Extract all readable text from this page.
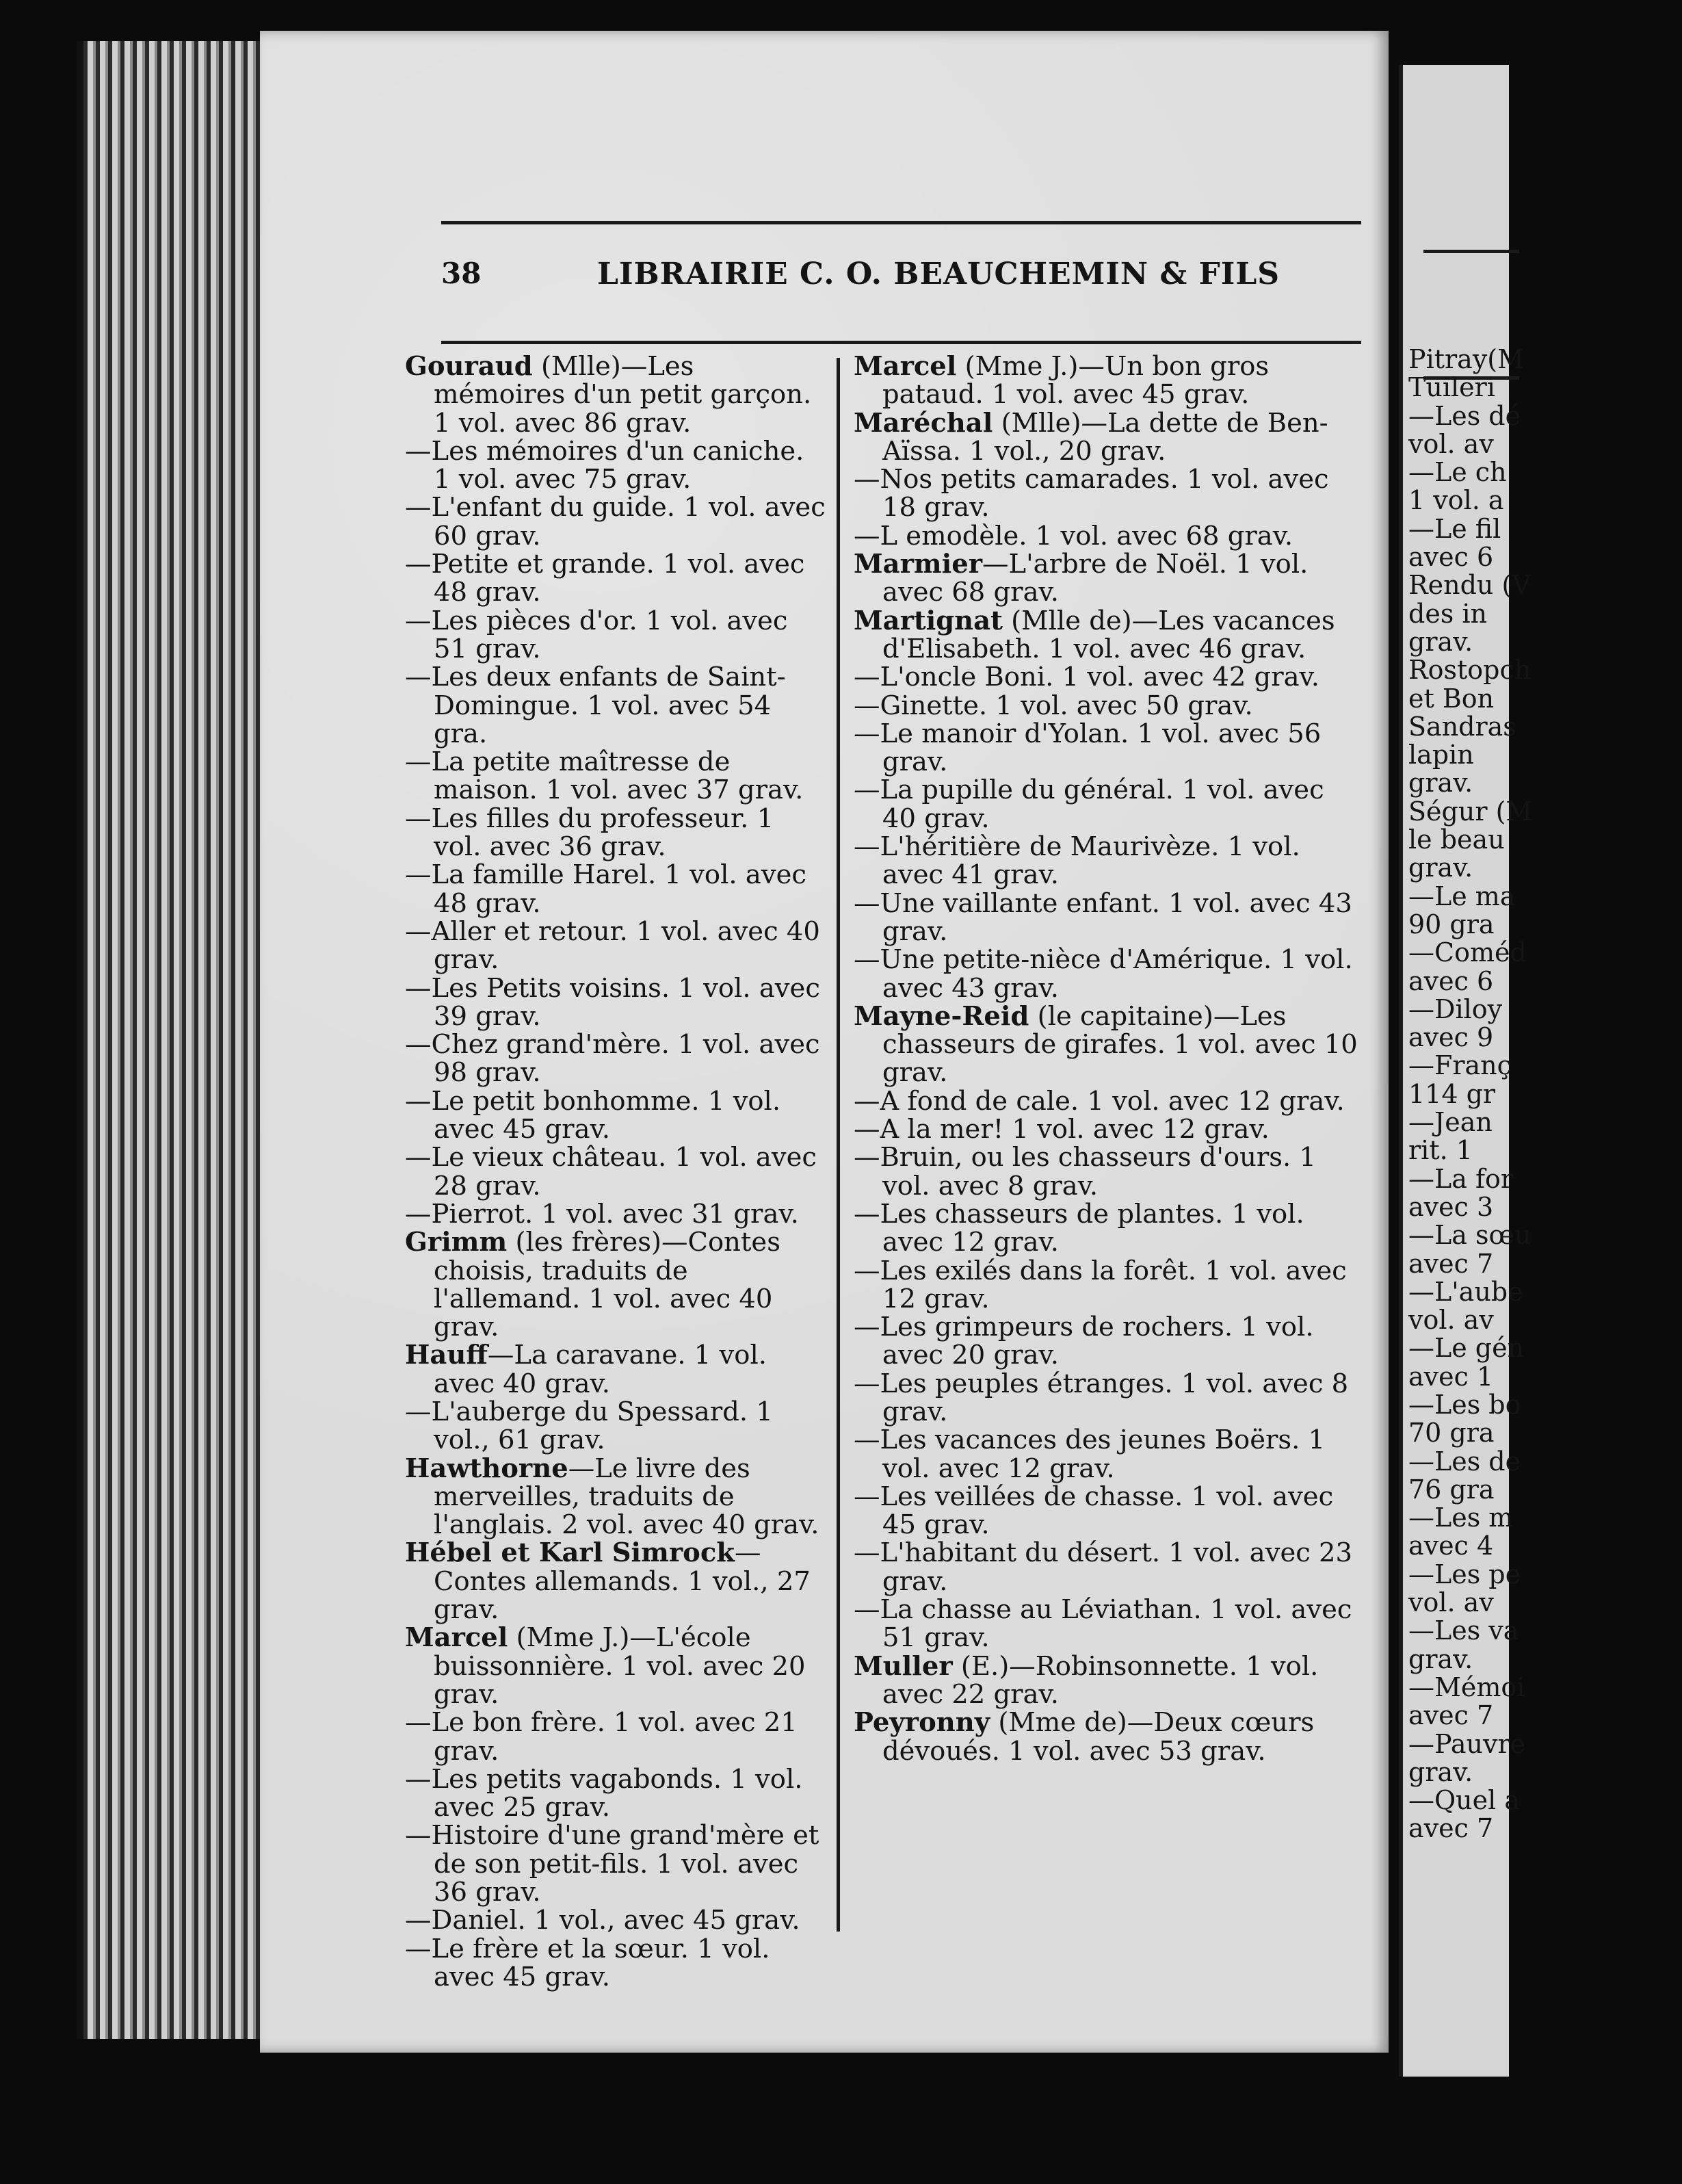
38	LIBRAIRIE C. O. BEAUCHEMIN & FILS
Gouraud (Mlle)—Les mémoires d'un petit garçon. 1 vol. avec 86 grav.
—Les mémoires d'un caniche. 1 vol. avec 75 grav.
—L'enfant du guide. 1 vol. avec 60 grav.
—Petite et grande. 1 vol. avec 48 grav.
—Les pièces d'or. 1 vol. avec 51 grav.
—Les deux enfants de Saint-Domingue. 1 vol. avec 54 gra.
—La petite maîtresse de maison. 1 vol. avec 37 grav.
—Les filles du professeur. 1 vol. avec 36 grav.
—La famille Harel. 1 vol. avec 48 grav.
—Aller et retour. 1 vol. avec 40 grav.
—Les Petits voisins. 1 vol. avec 39 grav.
—Chez grand'mère. 1 vol. avec 98 grav.
—Le petit bonhomme. 1 vol. avec 45 grav.
—Le vieux château. 1 vol. avec 28 grav.
—Pierrot. 1 vol. avec 31 grav.
Grimm (les frères)—Contes choisis, traduits de l'allemand. 1 vol. avec 40 grav.
Hauff—La caravane. 1 vol. avec 40 grav.
—L'auberge du Spessard. 1 vol., 61 grav.
Hawthorne—Le livre des merveilles, traduits de l'anglais. 2 vol. avec 40 grav.
Hébel et Karl Simrock—Contes allemands. 1 vol., 27 grav.
Marcel (Mme J.)—L'école buissonnière. 1 vol. avec 20 grav.
—Le bon frère. 1 vol. avec 21 grav.
—Les petits vagabonds. 1 vol. avec 25 grav.
—Histoire d'une grand'mère et de son petit-fils. 1 vol. avec 36 grav.
—Daniel. 1 vol., avec 45 grav.
—Le frère et la sœur. 1 vol. avec 45 grav.
Marcel (Mme J.)—Un bon gros pataud. 1 vol. avec 45 grav.
Maréchal (Mlle)—La dette de Ben-Aïssa. 1 vol., 20 grav.
—Nos petits camarades. 1 vol. avec 18 grav.
—L emodèle. 1 vol. avec 68 grav.
Marmier—L'arbre de Noël. 1 vol. avec 68 grav.
Martignat (Mlle de)—Les vacances d'Elisabeth. 1 vol. avec 46 grav.
—L'oncle Boni. 1 vol. avec 42 grav.
—Ginette. 1 vol. avec 50 grav.
—Le manoir d'Yolan. 1 vol. avec 56 grav.
—La pupille du général. 1 vol. avec 40 grav.
—L'héritière de Maurivèze. 1 vol. avec 41 grav.
—Une vaillante enfant. 1 vol. avec 43 grav.
—Une petite-nièce d'Amérique. 1 vol. avec 43 grav.
Mayne-Reid (le capitaine)—Les chasseurs de girafes. 1 vol. avec 10 grav.
—A fond de cale. 1 vol. avec 12 grav.
—A la mer! 1 vol. avec 12 grav.
—Bruin, ou les chasseurs d'ours. 1 vol. avec 8 grav.
—Les chasseurs de plantes. 1 vol. avec 12 grav.
—Les exilés dans la forêt. 1 vol. avec 12 grav.
—Les grimpeurs de rochers. 1 vol. avec 20 grav.
—Les peuples étranges. 1 vol. avec 8 grav.
—Les vacances des jeunes Boërs. 1 vol. avec 12 grav.
—Les veillées de chasse. 1 vol. avec 45 grav.
—L'habitant du désert. 1 vol. avec 23 grav.
—La chasse au Léviathan. 1 vol. avec 51 grav.
Muller (E.)—Robinsonnette. 1 vol. avec 22 grav.
Peyronny (Mme de)—Deux cœurs dévoués. 1 vol. avec 53 grav.
Pitray(M
Tuileri
—Les dé
vol. av
—Le ch
1 vol. a
—Le fil
avec 6
Rendu (V
des in
grav.
Rostopch
et Bon
Sandras
lapin
grav.
Ségur (M
le beau
grav.
—Le ma
90 gra
—Coméd
avec 6
—Diloy
avec 9
—Franç
114 gr
—Jean
rit. 1
—La for
avec 3
—La sœu
avec 7
—L'aube
vol. av
—Le gén
avec 1
—Les bo
70 gra
—Les de
76 gra
—Les m
avec 4
—Les pe
vol. av
—Les va
grav.
—Mémoi
avec 7
—Pauvre
grav.
—Quel a
avec 7
